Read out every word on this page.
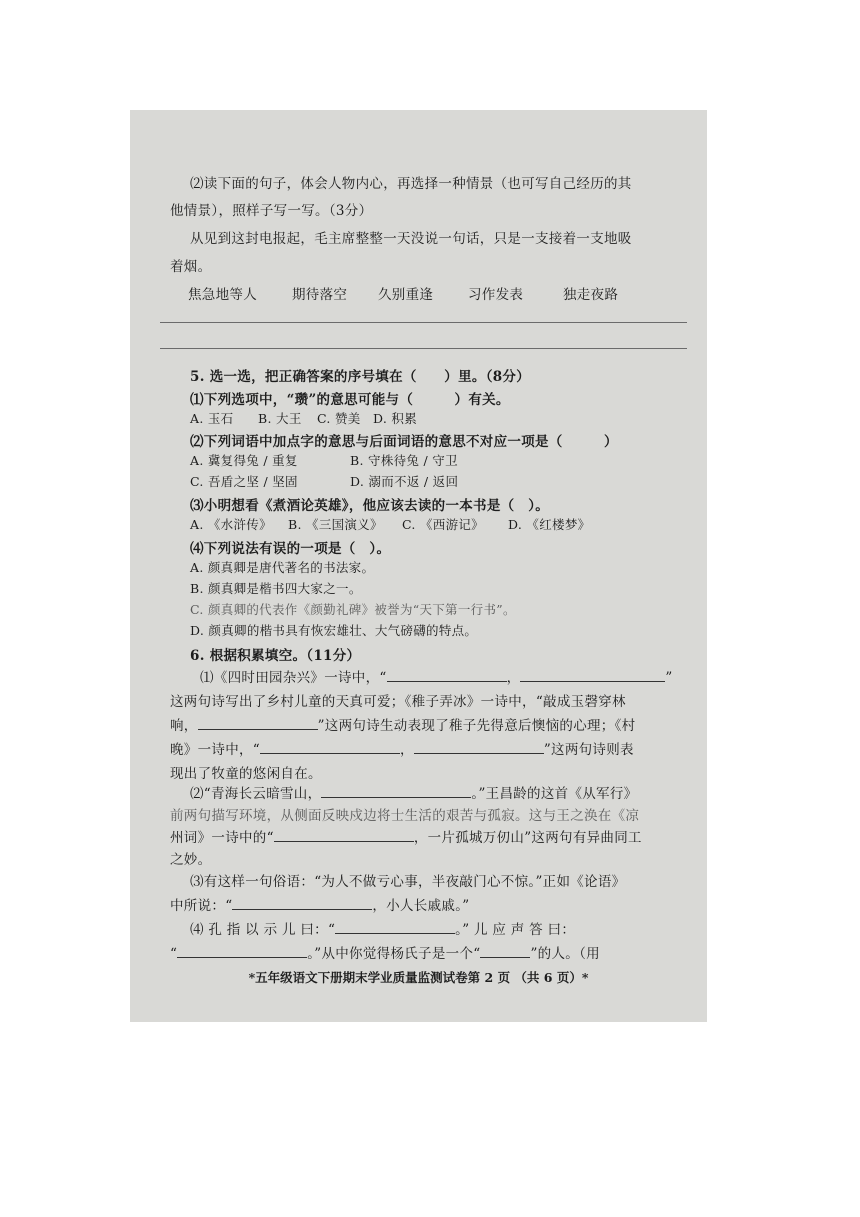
⑵读下面的句子，体会人物内心，再选择一种情景（也可写自己经历的其
他情景），照样子写一写。（3分）
从见到这封电报起，毛主席整整一天没说一句话，只是一支接着一支地吸
着烟。
焦急地等人	期待落空 久别重逢	习作发表	独走夜路
5. 选一选，把正确答案的序号填在（　　）里。（8分）
⑴下列选项中，“瓒”的意思可能与（　　　）有关。
A. 玉石 B. 大王 C. 赞美 D. 积累
⑵下列词语中加点字的意思与后面词语的意思不对应一项是（　　　）
A. 冀复得兔 / 重复	B. 守株待兔 / 守卫
C. 吾盾之坚 / 坚固	D. 溺而不返 / 返回
⑶小明想看《煮酒论英雄》，他应该去读的一本书是（　）。
A. 《水浒传》 B. 《三国演义》 C. 《西游记》 D. 《红楼梦》
⑷下列说法有误的一项是（　）。
A. 颜真卿是唐代著名的书法家。
B. 颜真卿是楷书四大家之一。
C. 颜真卿的代表作《颜勤礼碑》被誉为“天下第一行书”。
D. 颜真卿的楷书具有恢宏雄壮、大气磅礴的特点。
6. 根据积累填空。（11分）
⑴《四时田园杂兴》一诗中，“	，	”
这两句诗写出了乡村儿童的天真可爱；《稚子弄冰》一诗中，“敲成玉磬穿林
响，	”这两句诗生动表现了稚子先得意后懊恼的心理；《村
晚》一诗中，“	，	”这两句诗则表
现出了牧童的悠闲自在。
⑵“青海长云暗雪山，	。”王昌龄的这首《从军行》
前两句描写环境，从侧面反映戍边将士生活的艰苦与孤寂。这与王之涣在《凉
州词》一诗中的“	，一片孤城万仞山”这两句有异曲同工
之妙。
⑶有这样一句俗语：“为人不做亏心事，半夜敲门心不惊。”正如《论语》
中所说：“	，小人长戚戚。”
*五年级语文下册期末学业质量监测试卷第 2 页 （共 6 页）*
⑷ 孔 指 以 示 儿 曰：“	。” 儿 应 声 答 曰：
“	。”从中你觉得杨氏子是一个“	”的人。（用
